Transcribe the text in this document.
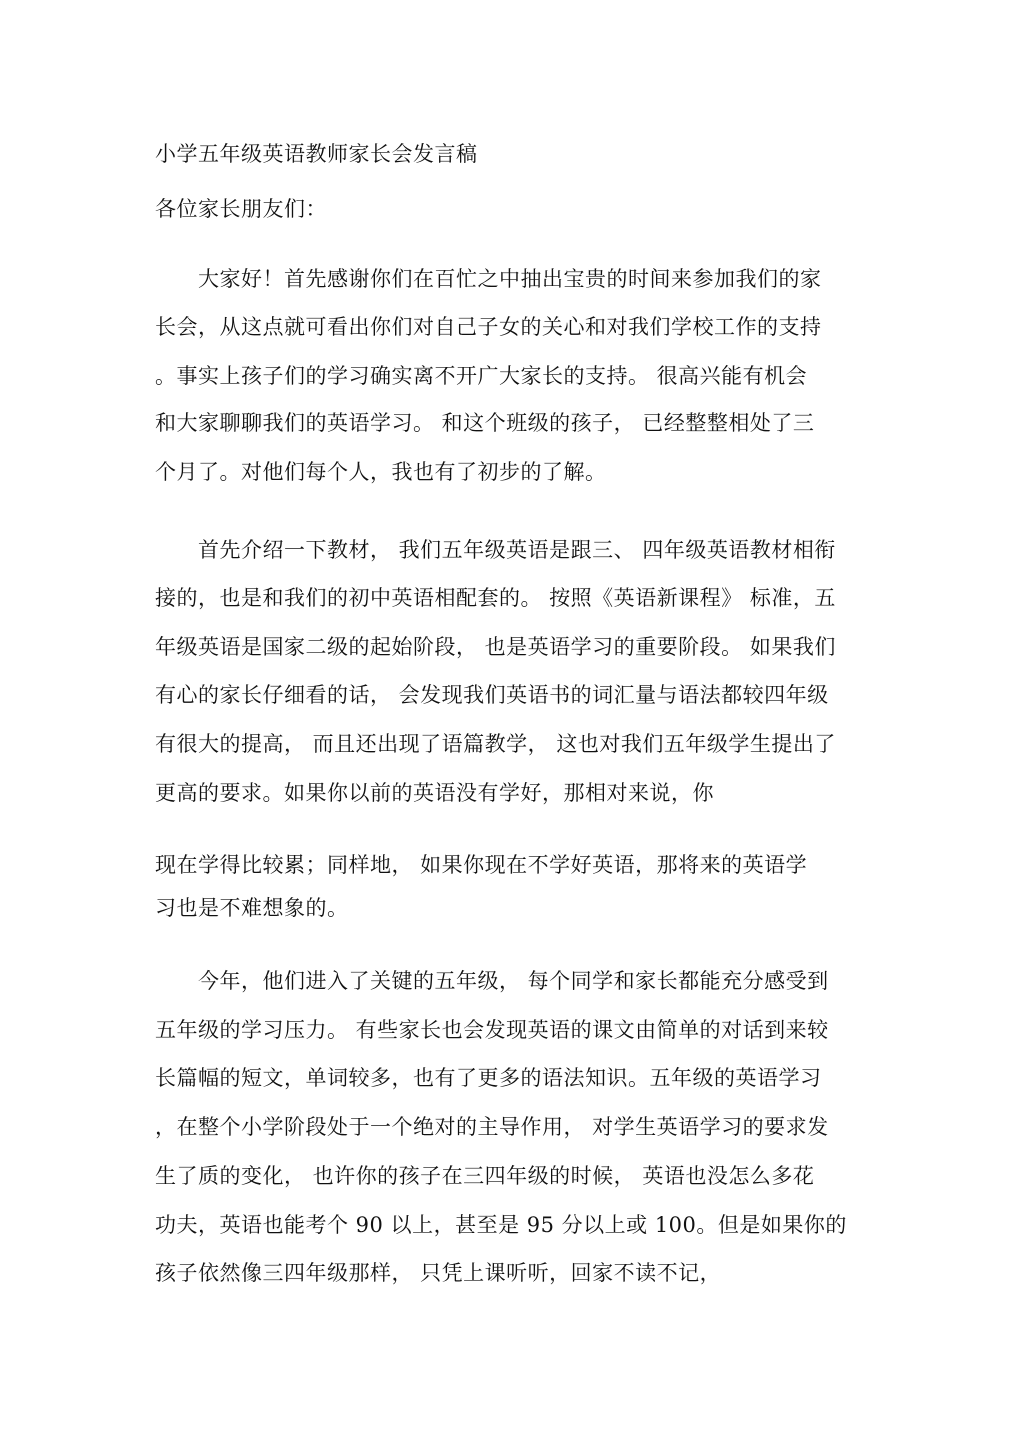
小学五年级英语教师家长会发言稿
各位家长朋友们：
　　大家好！首先感谢你们在百忙之中抽出宝贵的时间来参加我们的家
长会，从这点就可看出你们对自己子女的关心和对我们学校工作的支持
。事实上孩子们的学习确实离不开广大家长的支持。 很高兴能有机会
和大家聊聊我们的英语学习。 和这个班级的孩子， 已经整整相处了三
个月了。对他们每个人，我也有了初步的了解。
　　首先介绍一下教材， 我们五年级英语是跟三、 四年级英语教材相衔
接的，也是和我们的初中英语相配套的。 按照《英语新课程》 标准，五
年级英语是国家二级的起始阶段， 也是英语学习的重要阶段。 如果我们
有心的家长仔细看的话， 会发现我们英语书的词汇量与语法都较四年级
有很大的提高， 而且还出现了语篇教学， 这也对我们五年级学生提出了
更高的要求。如果你以前的英语没有学好，那相对来说，你
现在学得比较累；同样地， 如果你现在不学好英语，那将来的英语学
习也是不难想象的。
　　今年，他们进入了关键的五年级， 每个同学和家长都能充分感受到
五年级的学习压力。 有些家长也会发现英语的课文由简单的对话到来较
长篇幅的短文，单词较多，也有了更多的语法知识。五年级的英语学习
，在整个小学阶段处于一个绝对的主导作用， 对学生英语学习的要求发
生了质的变化， 也许你的孩子在三四年级的时候， 英语也没怎么多花
功夫，英语也能考个 90 以上，甚至是 95 分以上或 100。但是如果你的
孩子依然像三四年级那样， 只凭上课听听，回家不读不记，
